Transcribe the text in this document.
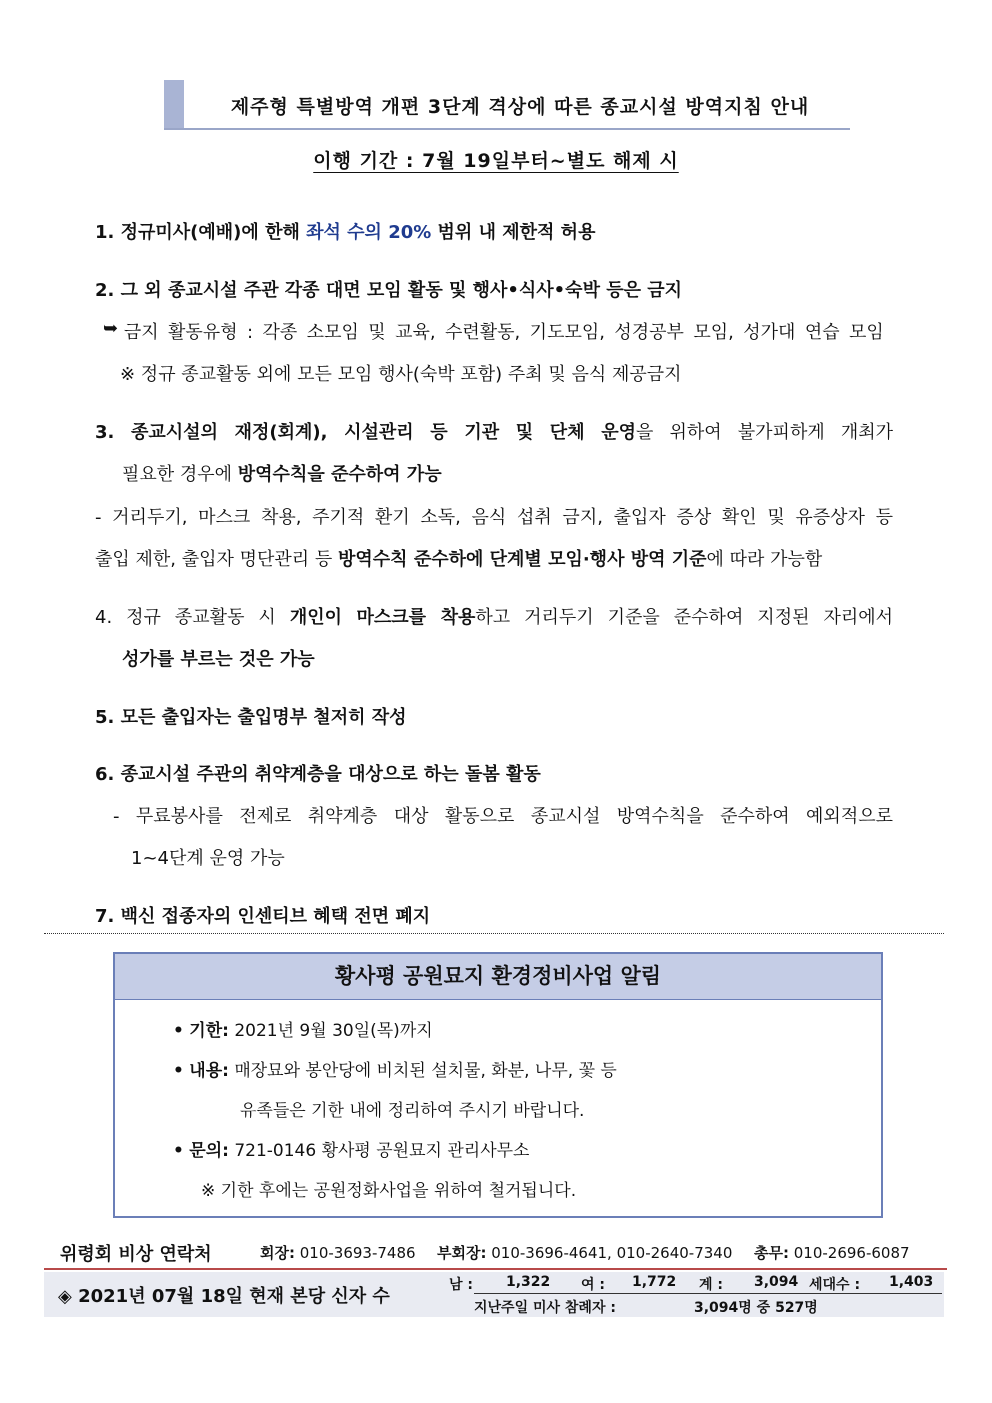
제주형 특별방역 개편 3단계 격상에 따른 종교시설 방역지침 안내
이행 기간 : 7월 19일부터~별도 해제 시
1. 정규미사(예배)에 한해 좌석 수의 20% 범위 내 제한적 허용
2. 그 외 종교시설 주관 각종 대면 모임 활동 및 행사•식사•숙박 등은 금지
➥ 금지 활동유형 : 각종 소모임 및 교육, 수련활동, 기도모임, 성경공부 모임, 성가대 연습 모임
※ 정규 종교활동 외에 모든 모임 행사(숙박 포함) 주최 및 음식 제공금지
3. 종교시설의 재정(회계), 시설관리 등 기관 및 단체 운영을 위하여 불가피하게 개최가
필요한 경우에 방역수칙을 준수하여 가능
- 거리두기, 마스크 착용, 주기적 환기 소독, 음식 섭취 금지, 출입자 증상 확인 및 유증상자 등
출입 제한, 출입자 명단관리 등 방역수칙 준수하에 단계별 모임·행사 방역 기준에 따라 가능함
4. 정규 종교활동 시 개인이 마스크를 착용하고 거리두기 기준을 준수하여 지정된 자리에서
성가를 부르는 것은 가능
5. 모든 출입자는 출입명부 철저히 작성
6. 종교시설 주관의 취약계층을 대상으로 하는 돌봄 활동
- 무료봉사를 전제로 취약계층 대상 활동으로 종교시설 방역수칙을 준수하여 예외적으로
1~4단계 운영 가능
7. 백신 접종자의 인센티브 혜택 전면 폐지
황사평 공원묘지 환경정비사업 알림
• 기한: 2021년 9월 30일(목)까지
• 내용: 매장묘와 봉안당에 비치된 설치물, 화분, 나무, 꽃 등
유족들은 기한 내에 정리하여 주시기 바랍니다.
• 문의: 721-0146 황사평 공원묘지 관리사무소
※ 기한 후에는 공원정화사업을 위하여 철거됩니다.
위령회 비상 연락처	회장: 010-3693-7486 부회장: 010-3696-4641, 010-2640-7340 총무: 010-2696-6087
◈ 2021년 07월 18일 현재 본당 신자 수
남 : 1,322 여 : 1,772 계 : 3,094 세대수 : 1,403
지난주일 미사 참례자 :	3,094명 중 527명
